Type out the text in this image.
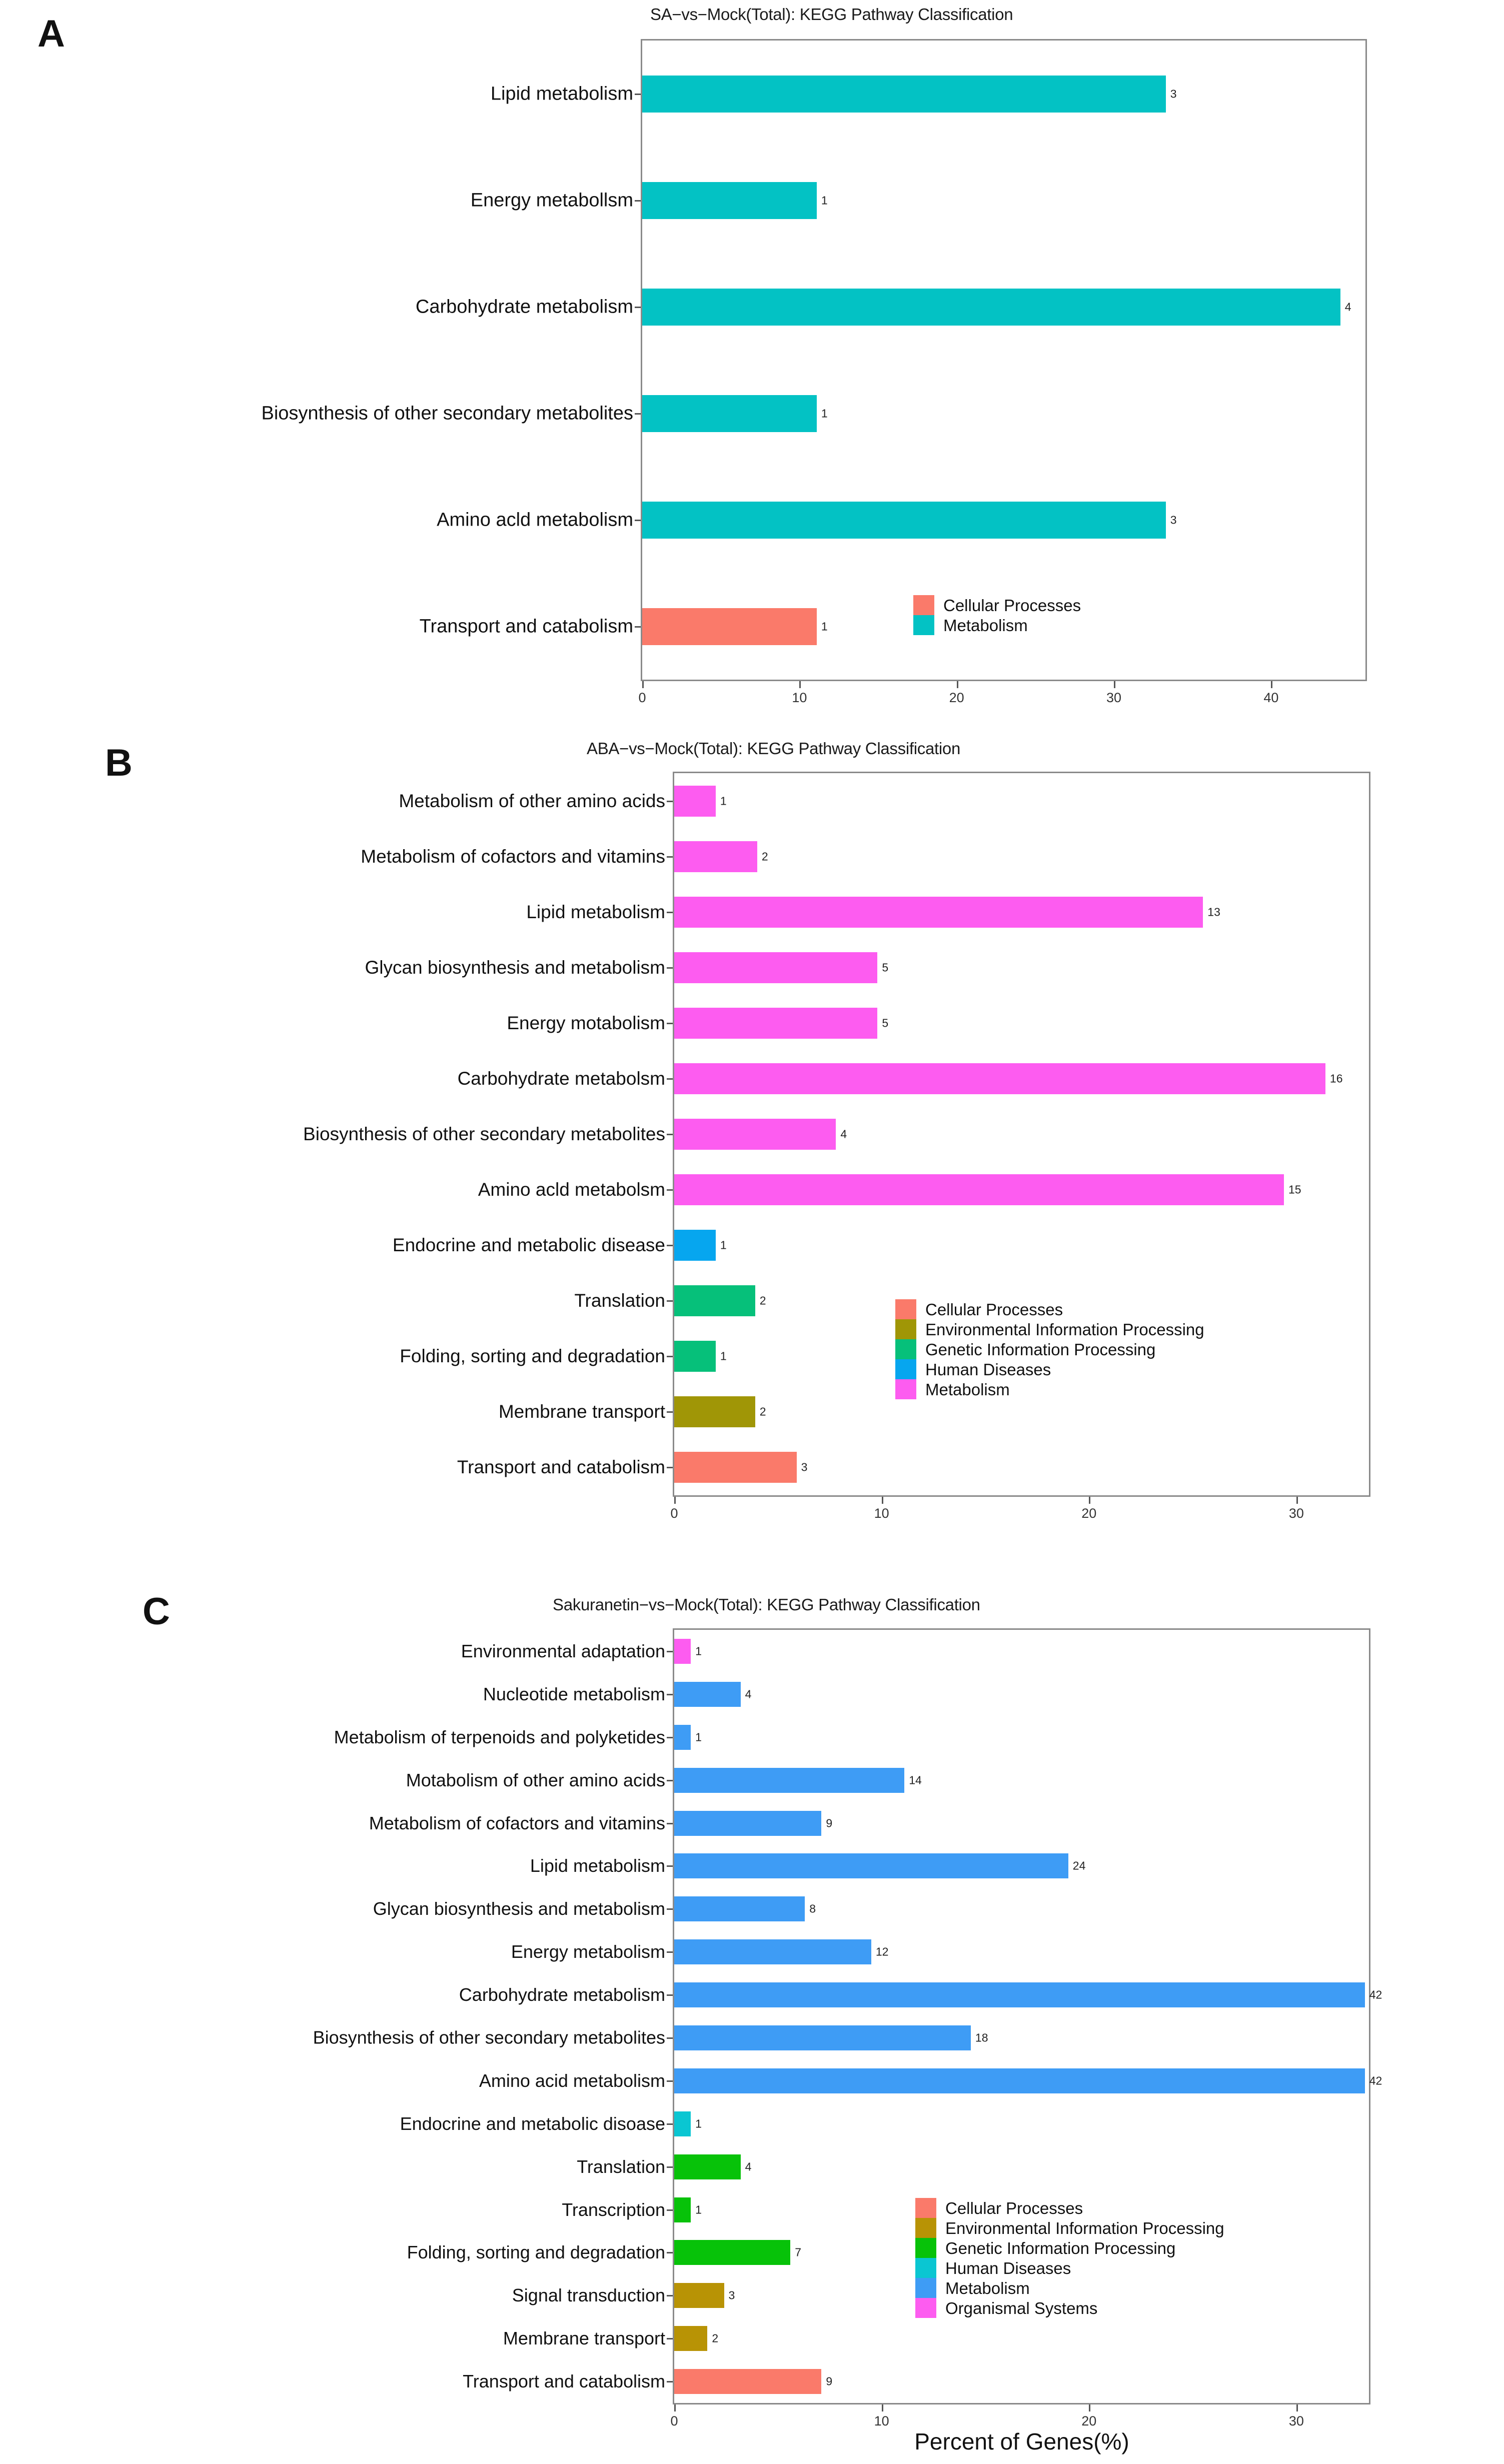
A	SA−vs−Mock(Total): KEGG Pathway Classification
Lipid metabolism
Energy metabollsm
Carbohydrate metabolism
Biosynthesis of other secondary metabolites
Amino acld metabolism
Transport and catabolism
3
1
4
1
3
1
0	10	20	30	40
Cellular Processes
Metabolism
B	ABA−vs−Mock(Total): KEGG Pathway Classification
Metabolism of other amino acids
Metabolism of cofactors and vitamins
Lipid metabolism
Glycan biosynthesis and metabolism
Energy motabolism
Carbohydrate metabolsm
Biosynthesis of other secondary metabolites
Amino acld metabolsm
Endocrine and metabolic disease
Translation
Folding, sorting and degradation
Membrane transport
Transport and catabolism
1
2
13
5
5
16
4
15
1
2
1
2
3
0	10	20	30
Cellular Processes
Environmental Information Processing
Genetic Information Processing
Human Diseases
Metabolism
C	Sakuranetin−vs−Mock(Total): KEGG Pathway Classification
Environmental adaptation
Nucleotide metabolism
Metabolism of terpenoids and polyketides
Motabolism of other amino acids
Metabolism of cofactors and vitamins
Lipid metabolism
Glycan biosynthesis and metabolism
Energy metabolism
Carbohydrate metabolism
Biosynthesis of other secondary metabolites
Amino acid metabolism
Endocrine and metabolic disoase
Translation
Transcription
Folding, sorting and degradation
Signal transduction
Membrane transport
Transport and catabolism
1
4
1
14
9
24
8
12
42
18
42
1
4
1
7
3
2
9
0	10	20	30
Cellular Processes
Environmental Information Processing
Genetic Information Processing
Human Diseases
Metabolism
Organismal Systems
Percent of Genes(%)
